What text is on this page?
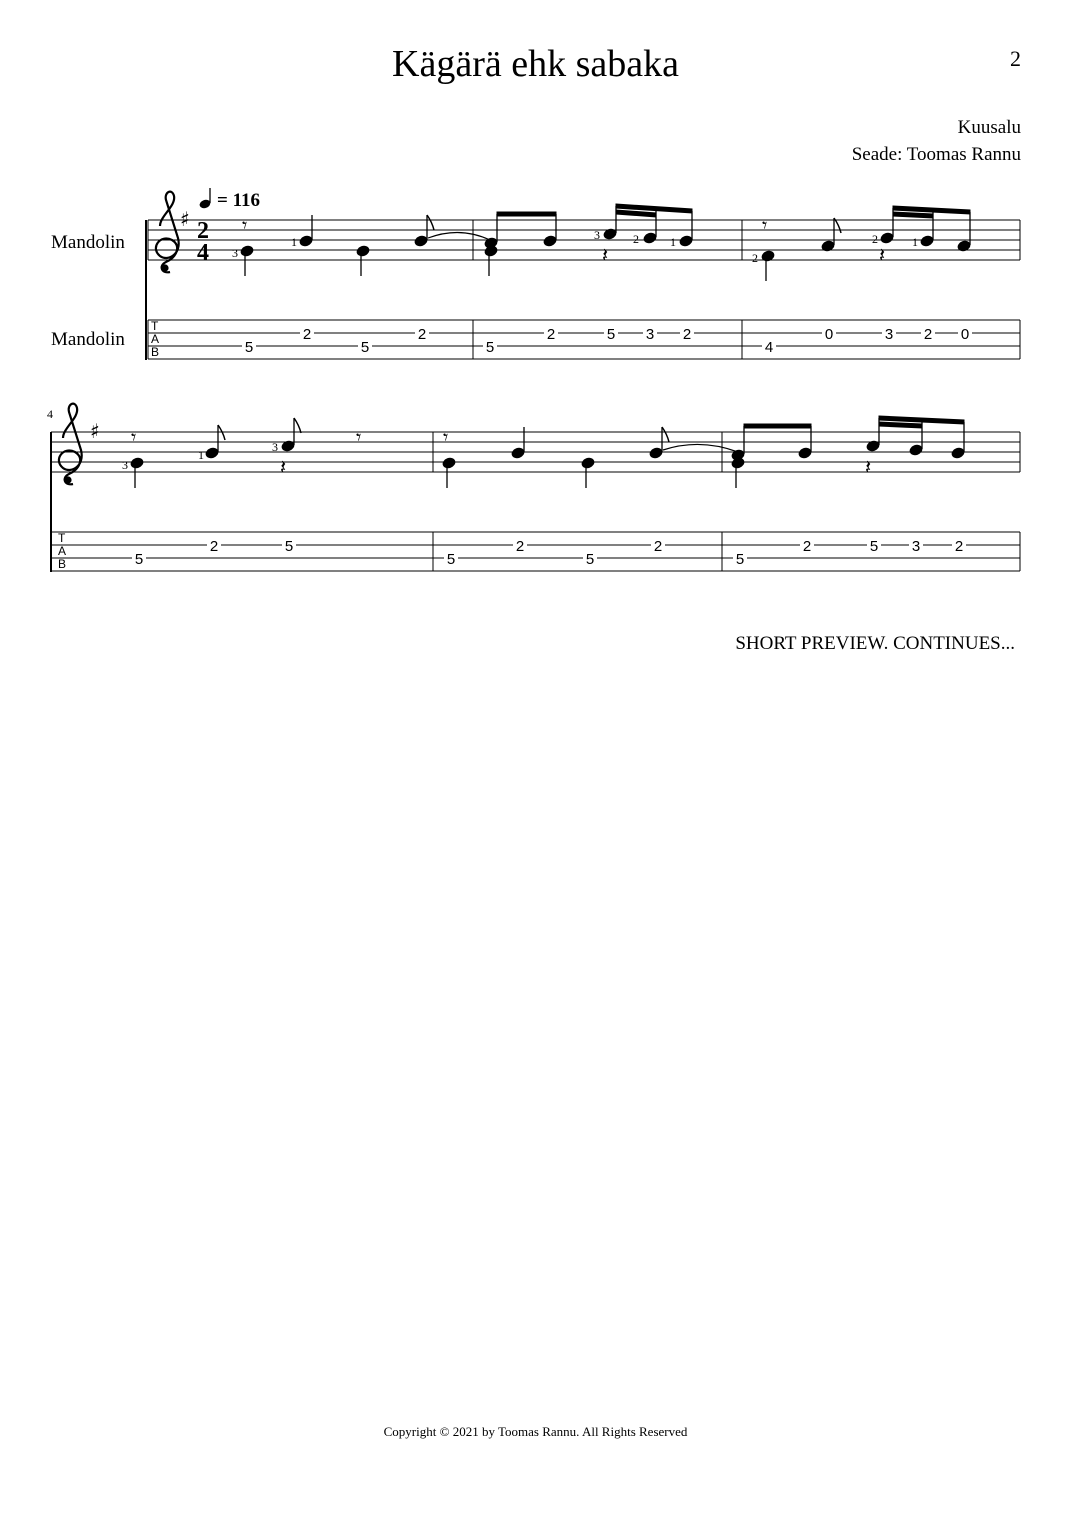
Kägärä ehk sabaka	2
Kuusalu
Seade: Toomas Rannu
Mandolin
Mandolin
= 116
♯ 2
4
𝄾
3
1
𝄽
3	2	1
𝄾
𝄽
2
2	1
T
A
B	5
2
5
2
5
2	5 3 2
4
0	3 2 0
4
♯ 𝄾
𝄽
𝄾
3
1
3	𝄾
𝄽
T
A
B	5
2	5
5
2
5
2
5
2	5 3 2
SHORT PREVIEW. CONTINUES...
Copyright © 2021 by Toomas Rannu. All Rights Reserved
